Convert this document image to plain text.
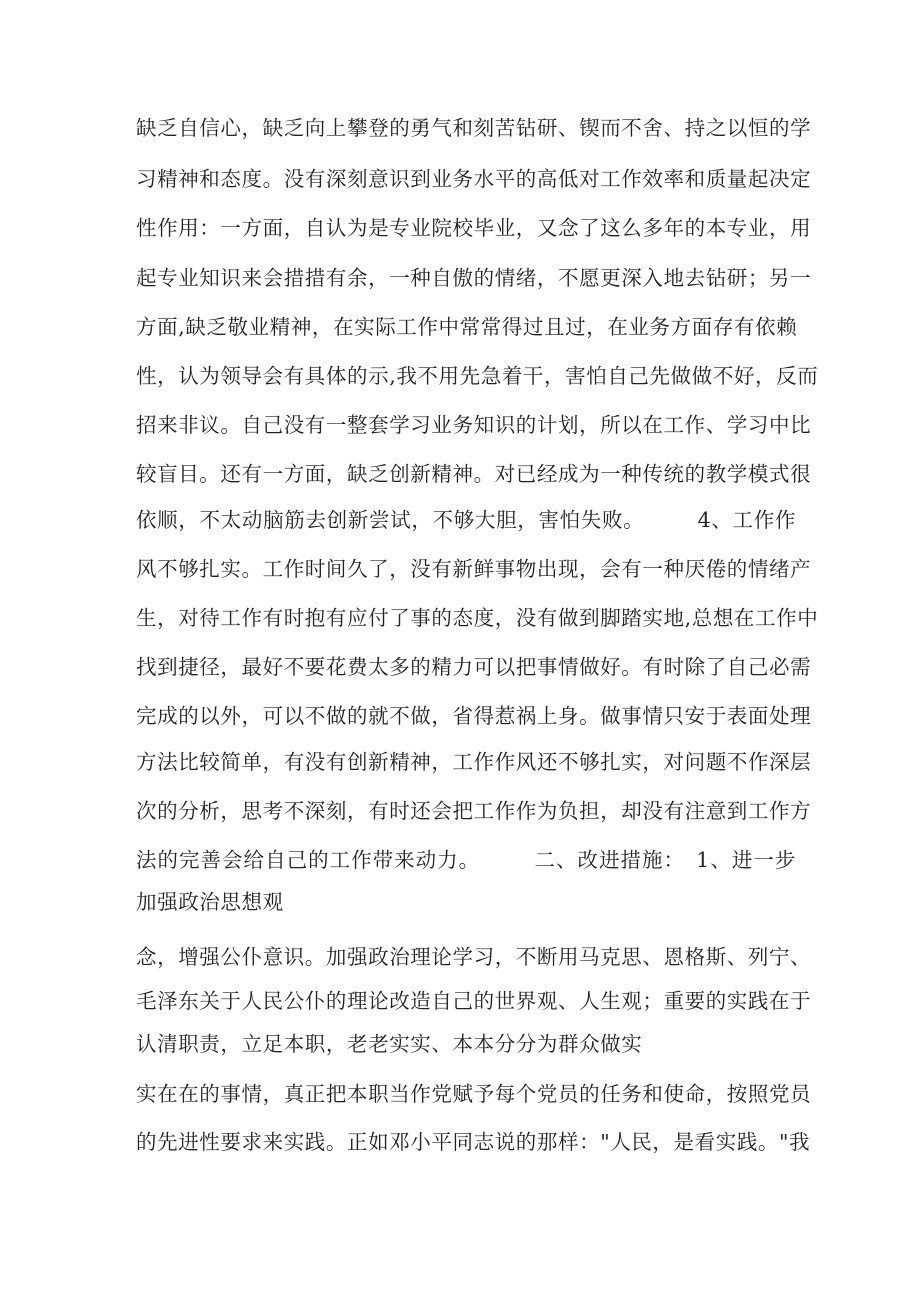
缺乏自信心，缺乏向上攀登的勇气和刻苦钻研、锲而不舍、持之以恒的学
习精神和态度。没有深刻意识到业务水平的高低对工作效率和质量起决定
性作用：一方面，自认为是专业院校毕业，又念了这么多年的本专业，用
起专业知识来会措措有余，一种自傲的情绪，不愿更深入地去钻研；另一
方面,缺乏敬业精神，在实际工作中常常得过且过，在业务方面存有依赖
性，认为领导会有具体的示,我不用先急着干，害怕自己先做做不好，反而
招来非议。自己没有一整套学习业务知识的计划，所以在工作、学习中比
较盲目。还有一方面，缺乏创新精神。对已经成为一种传统的教学模式很
依顺，不太动脑筋去创新尝试，不够大胆，害怕失败。　　　4、工作作
风不够扎实。工作时间久了，没有新鲜事物出现，会有一种厌倦的情绪产
生，对待工作有时抱有应付了事的态度，没有做到脚踏实地,总想在工作中
找到捷径，最好不要花费太多的精力可以把事情做好。有时除了自己必需
完成的以外，可以不做的就不做，省得惹祸上身。做事情只安于表面处理
方法比较简单，有没有创新精神，工作作风还不够扎实，对问题不作深层
次的分析，思考不深刻，有时还会把工作作为负担，却没有注意到工作方
法的完善会给自己的工作带来动力。　　　二、改进措施：　1、进一步
加强政治思想观
念，增强公仆意识。加强政治理论学习，不断用马克思、恩格斯、列宁、
毛泽东关于人民公仆的理论改造自己的世界观、人生观；重要的实践在于
认清职责，立足本职，老老实实、本本分分为群众做实
实在在的事情，真正把本职当作党赋予每个党员的任务和使命，按照党员
的先进性要求来实践。正如邓小平同志说的那样："人民，是看实践。"我
